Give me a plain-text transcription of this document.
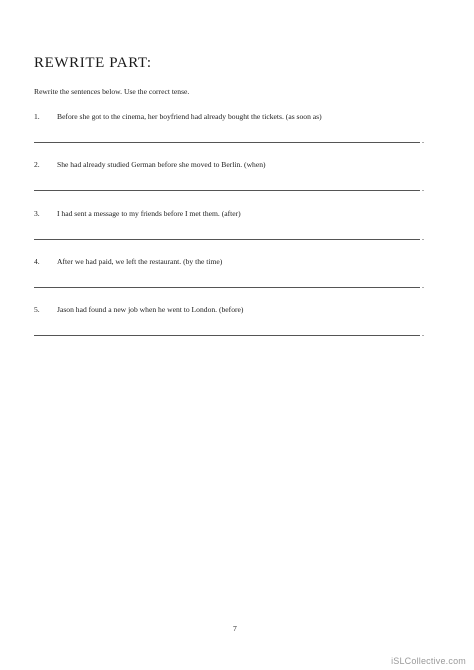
REWRITE PART:
Rewrite the sentences below. Use the correct tense.
1. Before she got to the cinema, her boyfriend had already bought the tickets. (as soon as)
.
2. She had already studied German before she moved to Berlin. (when)
.
3. I had sent a message to my friends before I met them. (after)
.
4. After we had paid, we left the restaurant. (by the time)
.
5. Jason had found a new job when he went to London. (before)
.
7
iSLCollective.com
